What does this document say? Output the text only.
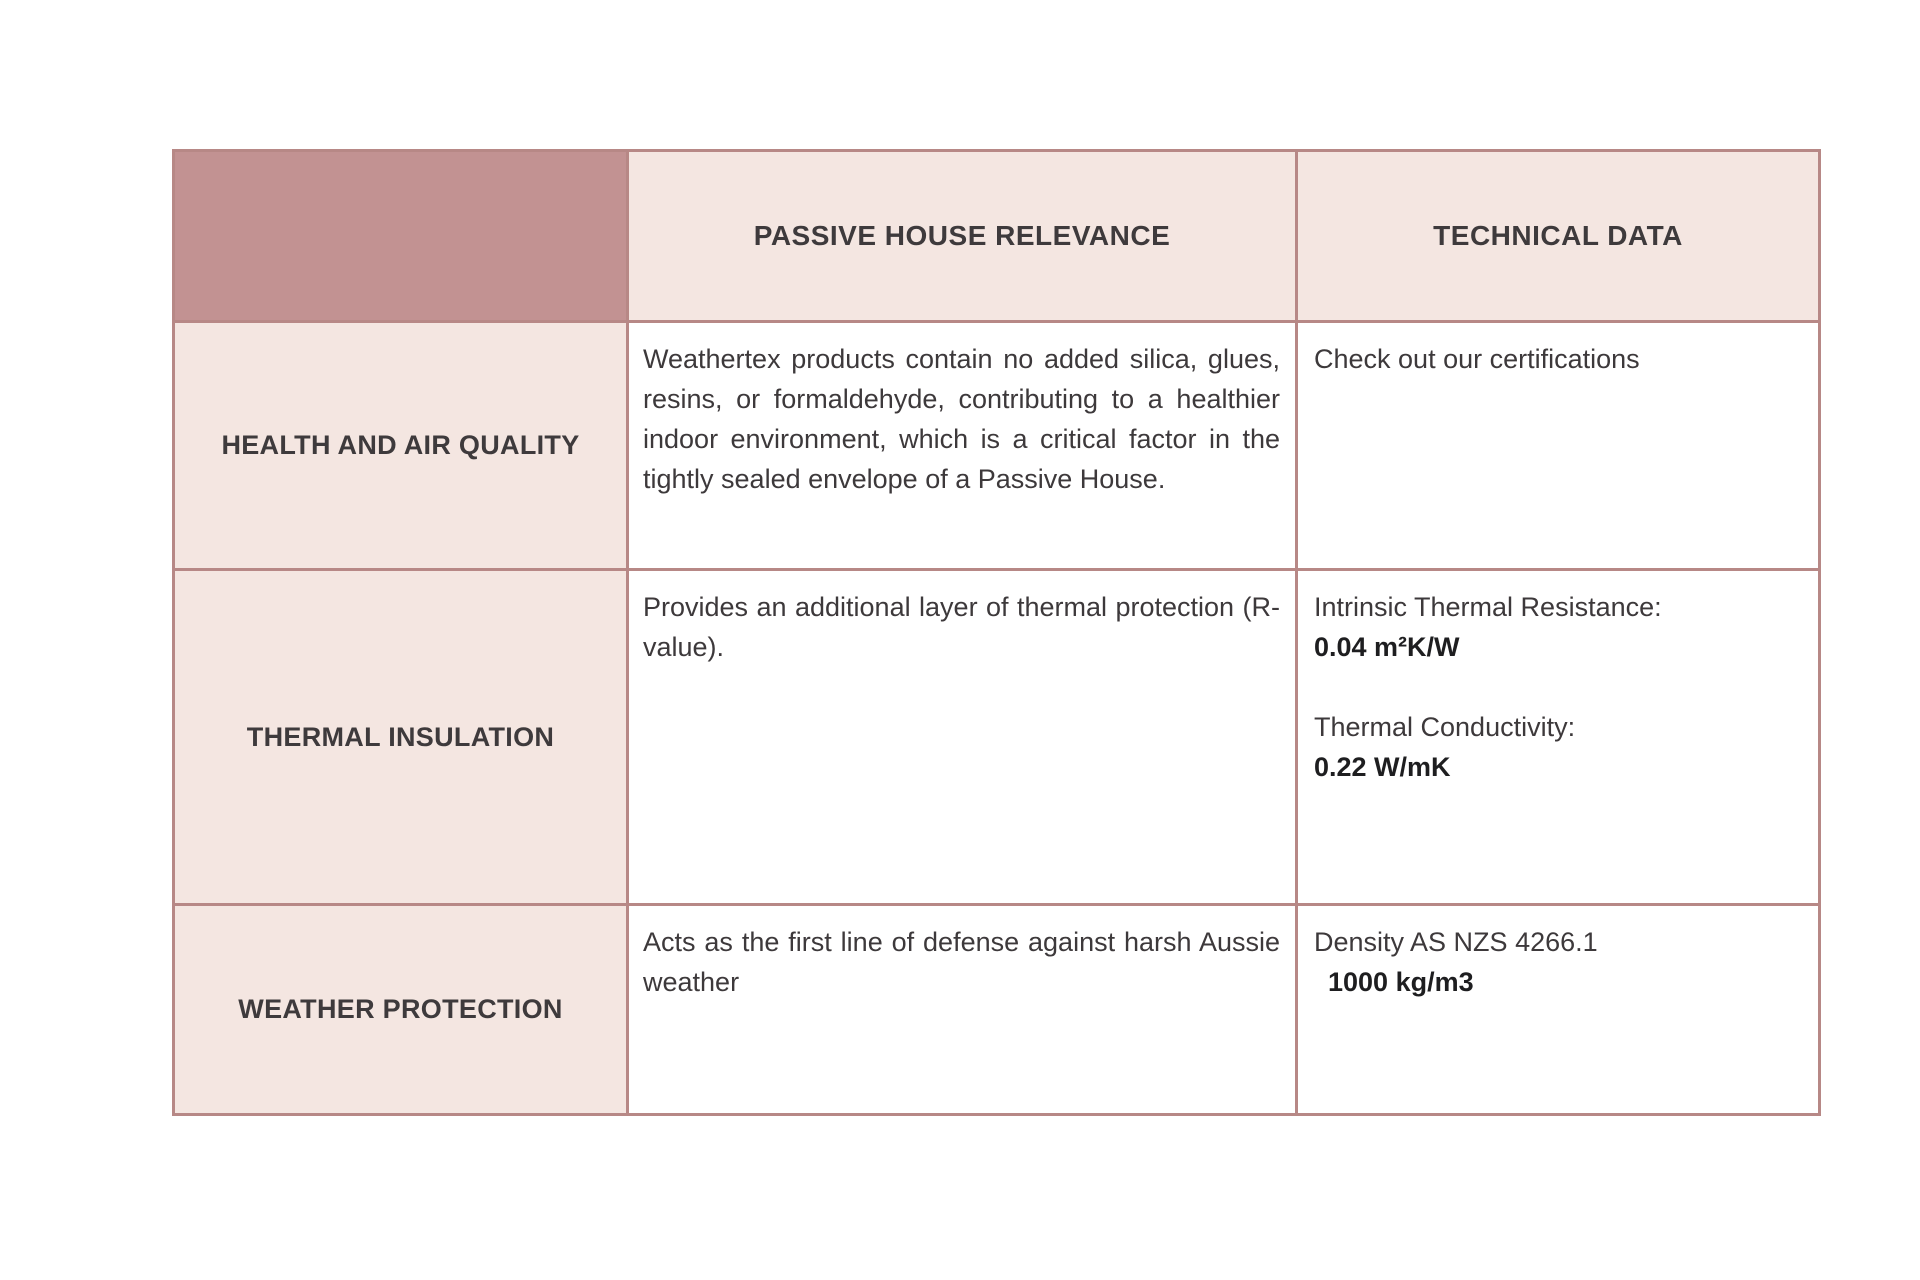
	PASSIVE HOUSE RELEVANCE	TECHNICAL DATA
HEALTH AND AIR QUALITY	Weathertex products contain no added silica, glues, resins, or formaldehyde, contributing to a healthier indoor environment, which is a critical factor in the tightly sealed envelope of a Passive House.	Check out our certifications

THERMAL INSULATION	Provides an additional layer of thermal protection (R-value).	Intrinsic Thermal Resistance:
0.04 m²K/W
Thermal Conductivity:
0.22 W/mK

WEATHER PROTECTION	Acts as the first line of defense against harsh Aussie weather	Density AS NZS 4266.1
1000 kg/m3
